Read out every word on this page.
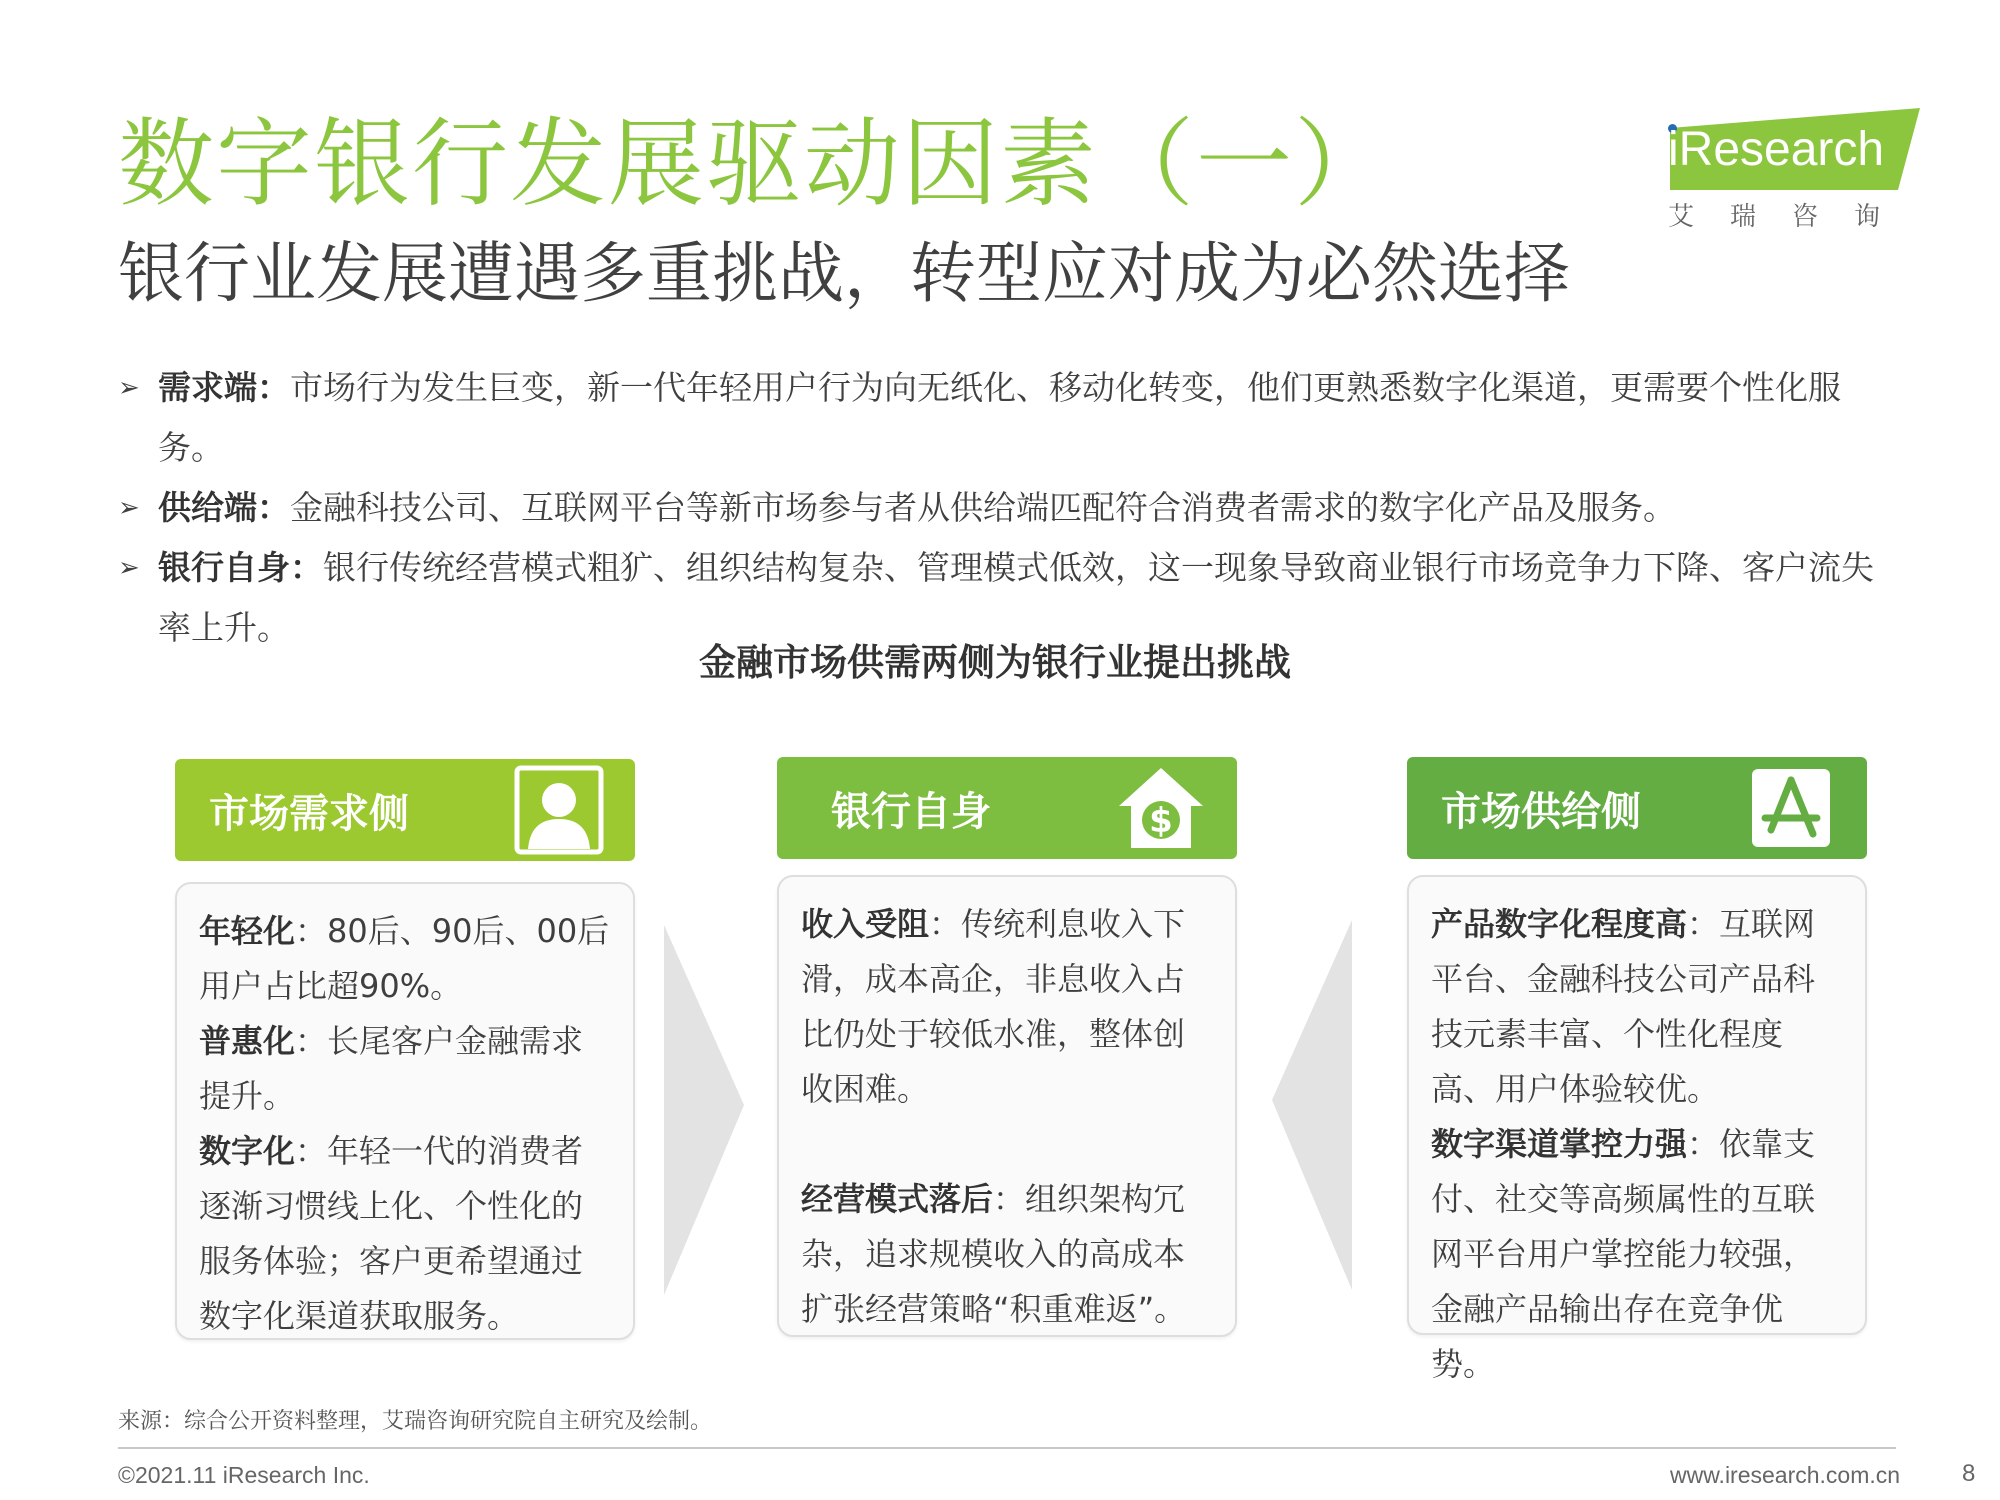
数字银行发展驱动因素（一）
银行业发展遭遇多重挑战，转型应对成为必然选择
iResearch
艾瑞咨询
➢ 需求端：市场行为发生巨变，新一代年轻用户行为向无纸化、移动化转变，他们更熟悉数字化渠道，更需要个性化服务。
➢ 供给端：金融科技公司、互联网平台等新市场参与者从供给端匹配符合消费者需求的数字化产品及服务。
➢ 银行自身：银行传统经营模式粗犷、组织结构复杂、管理模式低效，这一现象导致商业银行市场竞争力下降、客户流失率上升。
金融市场供需两侧为银行业提出挑战
市场需求侧

年轻化：80后、90后、00后用户占比超90%。

普惠化：长尾客户金融需求提升。

数字化：年轻一代的消费者逐渐习惯线上化、个性化的服务体验；客户更希望通过数字化渠道获取服务。

银行自身	$

收入受阻：传统利息收入下滑，成本高企，非息收入占比仍处于较低水准，整体创收困难。

经营模式落后：组织架构冗杂，追求规模收入的高成本扩张经营策略“积重难返”。

市场供给侧

产品数字化程度高：互联网平台、金融科技公司产品科技元素丰富、个性化程度高、用户体验较优。

数字渠道掌控力强：依靠支付、社交等高频属性的互联网平台用户掌控能力较强，金融产品输出存在竞争优势。

来源：综合公开资料整理，艾瑞咨询研究院自主研究及绘制。
©2021.11 iResearch Inc.	www.iresearch.com.cn	8
